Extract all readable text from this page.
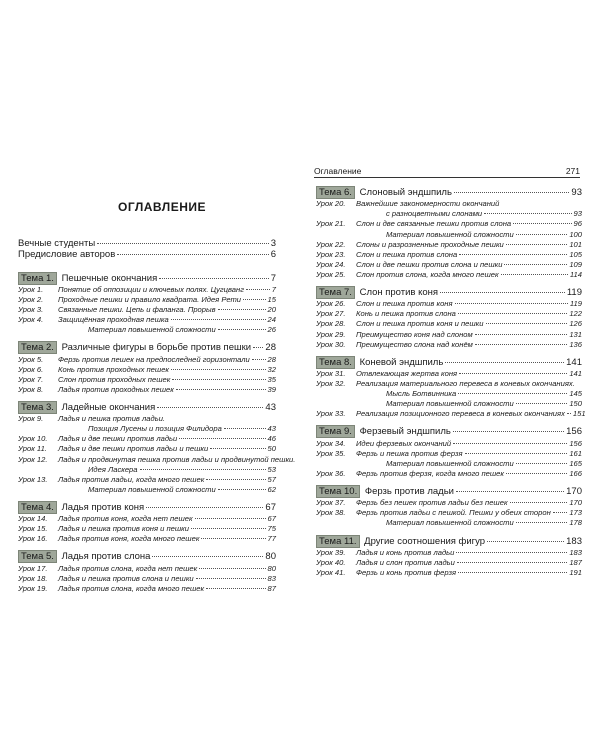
Оглавление	271
ОГЛАВЛЕНИЕ
Вечные студенты	3
Предисловие авторов	6
Тема 1. Пешечные окончания	7
Урок 1. Понятие об оппозиции и ключевых полях. Цугцванг	7
Урок 2. Проходные пешки и правило квадрата. Идея Рети	15
Урок 3. Связанные пешки. Цепь и фаланга. Прорыв	20
Урок 4. Защищённая проходная пешка	24
Материал повышенной сложности	26
Тема 2. Различные фигуры в борьбе против пешки 28
Урок 5. Ферзь против пешек на предпоследней горизонтали 28
Урок 6. Конь против проходных пешек	32
Урок 7. Слон против проходных пешек	35
Урок 8. Ладья против проходных пешек	39
Тема 3. Ладейные окончания	43
Урок 9. Ладья и пешка против ладьи.
Позиция Лусены и позиция Филидора	43
Урок 10. Ладья и две пешки против ладьи	46
Урок 11. Ладья и две пешки против ладьи и пешки	50
Урок 12. Ладья и продвинутая пешка против ладьи и продвинутой пешки.
Идея Ласкера	53
Урок 13. Ладья против ладьи, когда много пешек	57
Материал повышенной сложности	62
Тема 4. Ладья против коня	67
Урок 14. Ладья против коня, когда нет пешек	67
Урок 15. Ладья и пешка против коня и пешки	75
Урок 16. Ладья против коня, когда много пешек	77
Тема 5. Ладья против слона	80
Урок 17. Ладья против слона, когда нет пешек	80
Урок 18. Ладья и пешка против слона и пешки	83
Урок 19. Ладья против слона, когда много пешек	87
Тема 6. Слоновый эндшпиль	93
Урок 20. Важнейшие закономерности окончаний
с разноцветными слонами	93
Урок 21. Слон и две связанные пешки против слона	96
Материал повышенной сложности	100
Урок 22. Слоны и разрозненные проходные пешки	101
Урок 23. Слон и пешка против слона	105
Урок 24. Слон и две пешки против слона и пешки	109
Урок 25. Слон против слона, когда много пешек	114
Тема 7. Слон против коня	119
Урок 26. Слон и пешка против коня	119
Урок 27. Конь и пешка против слона	122
Урок 28. Слон и пешка против коня и пешки	126
Урок 29. Преимущество коня над слоном	131
Урок 30. Преимущество слона над конём	136
Тема 8. Коневой эндшпиль	141
Урок 31. Отвлекающая жертва коня	141
Урок 32. Реализация материального перевеса в коневых окончаниях.
Мысль Ботвинника	145
Материал повышенной сложности	150
Урок 33. Реализация позиционного перевеса в коневых окончаниях 151
Тема 9. Ферзевый эндшпиль	156
Урок 34. Идеи ферзевых окончаний	156
Урок 35. Ферзь и пешка против ферзя	161
Материал повышенной сложности	165
Урок 36. Ферзь против ферзя, когда много пешек	166
Тема 10. Ферзь против ладьи	170
Урок 37. Ферзь без пешек против ладьи без пешек	170
Урок 38. Ферзь против ладьи с пешкой. Пешки у обеих сторон 173
Материал повышенной сложности	178
Тема 11. Другие соотношения фигур	183
Урок 39. Ладья и конь против ладьи	183
Урок 40. Ладья и слон против ладьи	187
Урок 41. Ферзь и конь против ферзя	191
